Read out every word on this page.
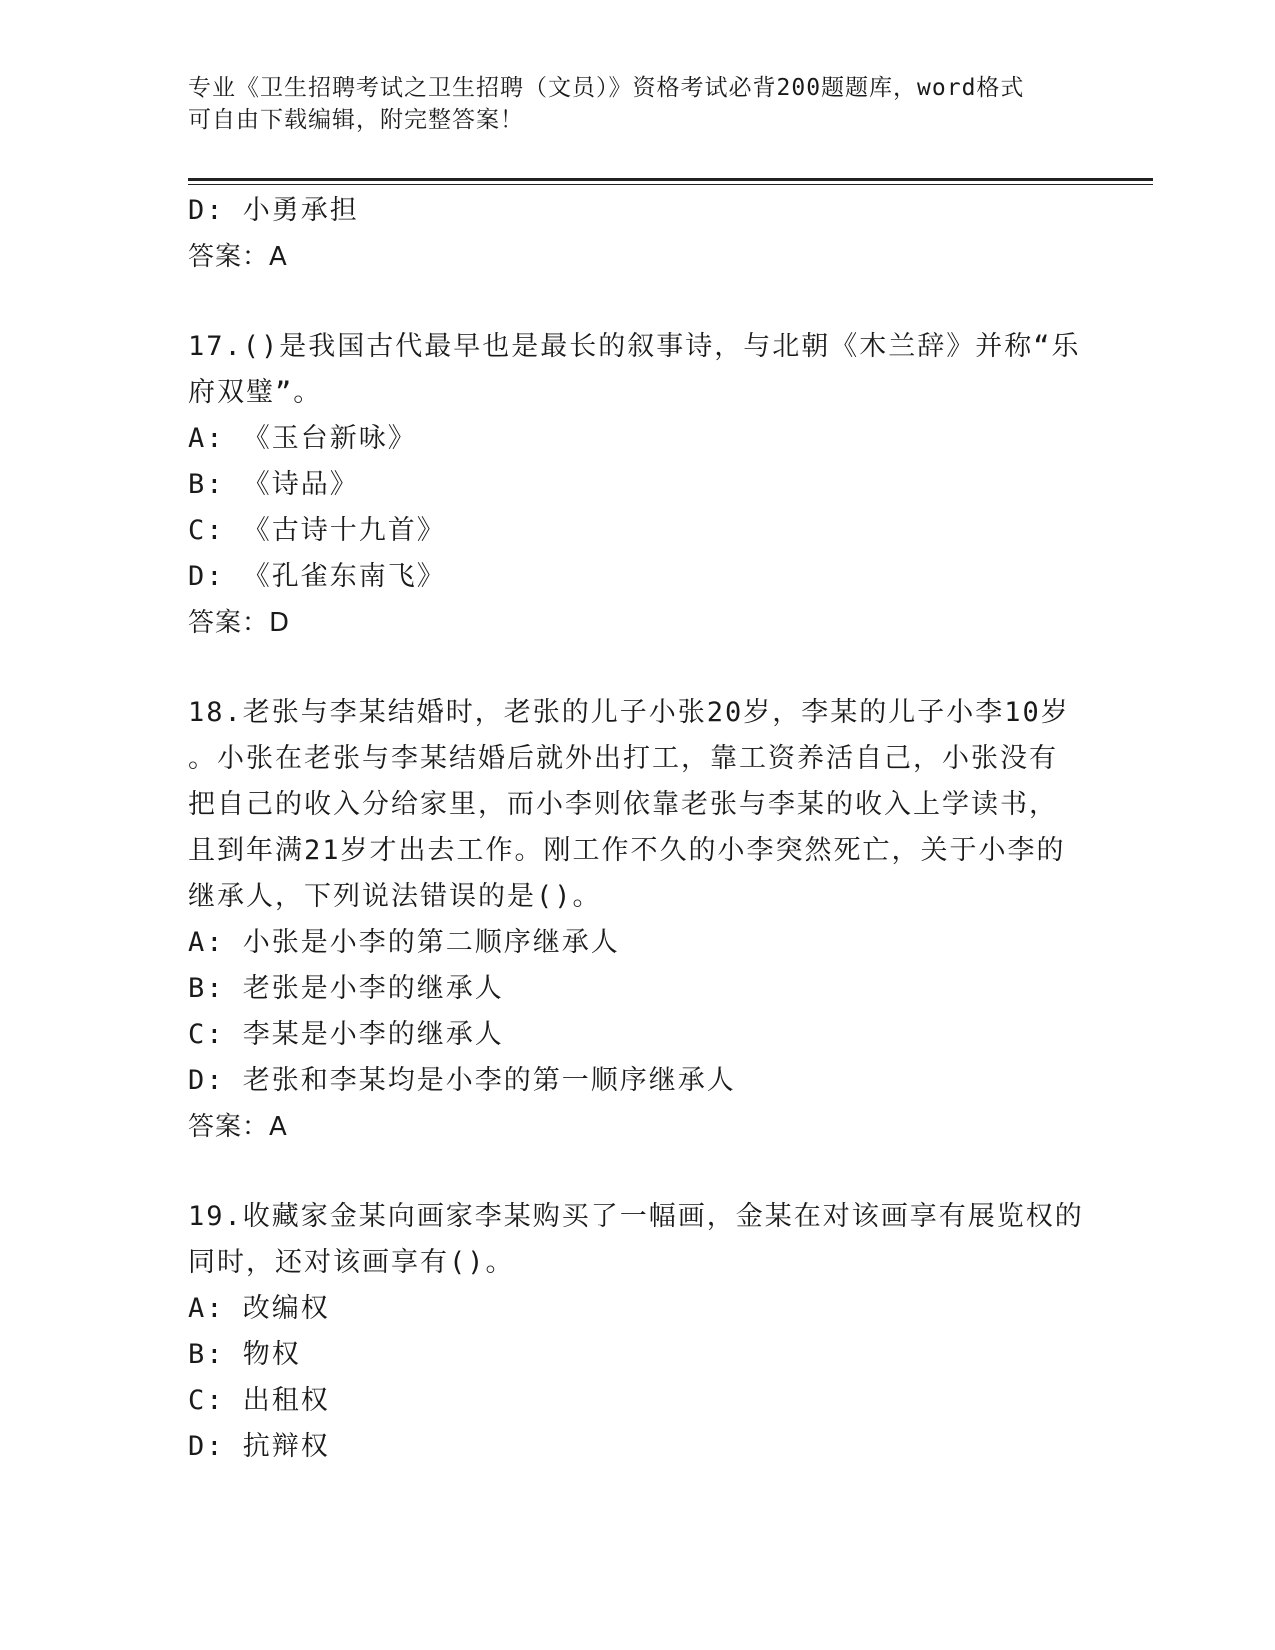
专业《卫生招聘考试之卫生招聘（文员）》资格考试必背200题题库，word格式
可自由下载编辑，附完整答案！
D: 小勇承担
答案：A
17.()是我国古代最早也是最长的叙事诗，与北朝《木兰辞》并称“乐
府双璧”。
A: 《玉台新咏》
B: 《诗品》
C: 《古诗十九首》
D: 《孔雀东南飞》
答案：D
18.老张与李某结婚时，老张的儿子小张20岁，李某的儿子小李10岁
。小张在老张与李某结婚后就外出打工，靠工资养活自己，小张没有
把自己的收入分给家里，而小李则依靠老张与李某的收入上学读书，
且到年满21岁才出去工作。刚工作不久的小李突然死亡，关于小李的
继承人，下列说法错误的是()。
A: 小张是小李的第二顺序继承人
B: 老张是小李的继承人
C: 李某是小李的继承人
D: 老张和李某均是小李的第一顺序继承人
答案：A
19.收藏家金某向画家李某购买了一幅画，金某在对该画享有展览权的
同时，还对该画享有()。
A: 改编权
B: 物权
C: 出租权
D: 抗辩权
